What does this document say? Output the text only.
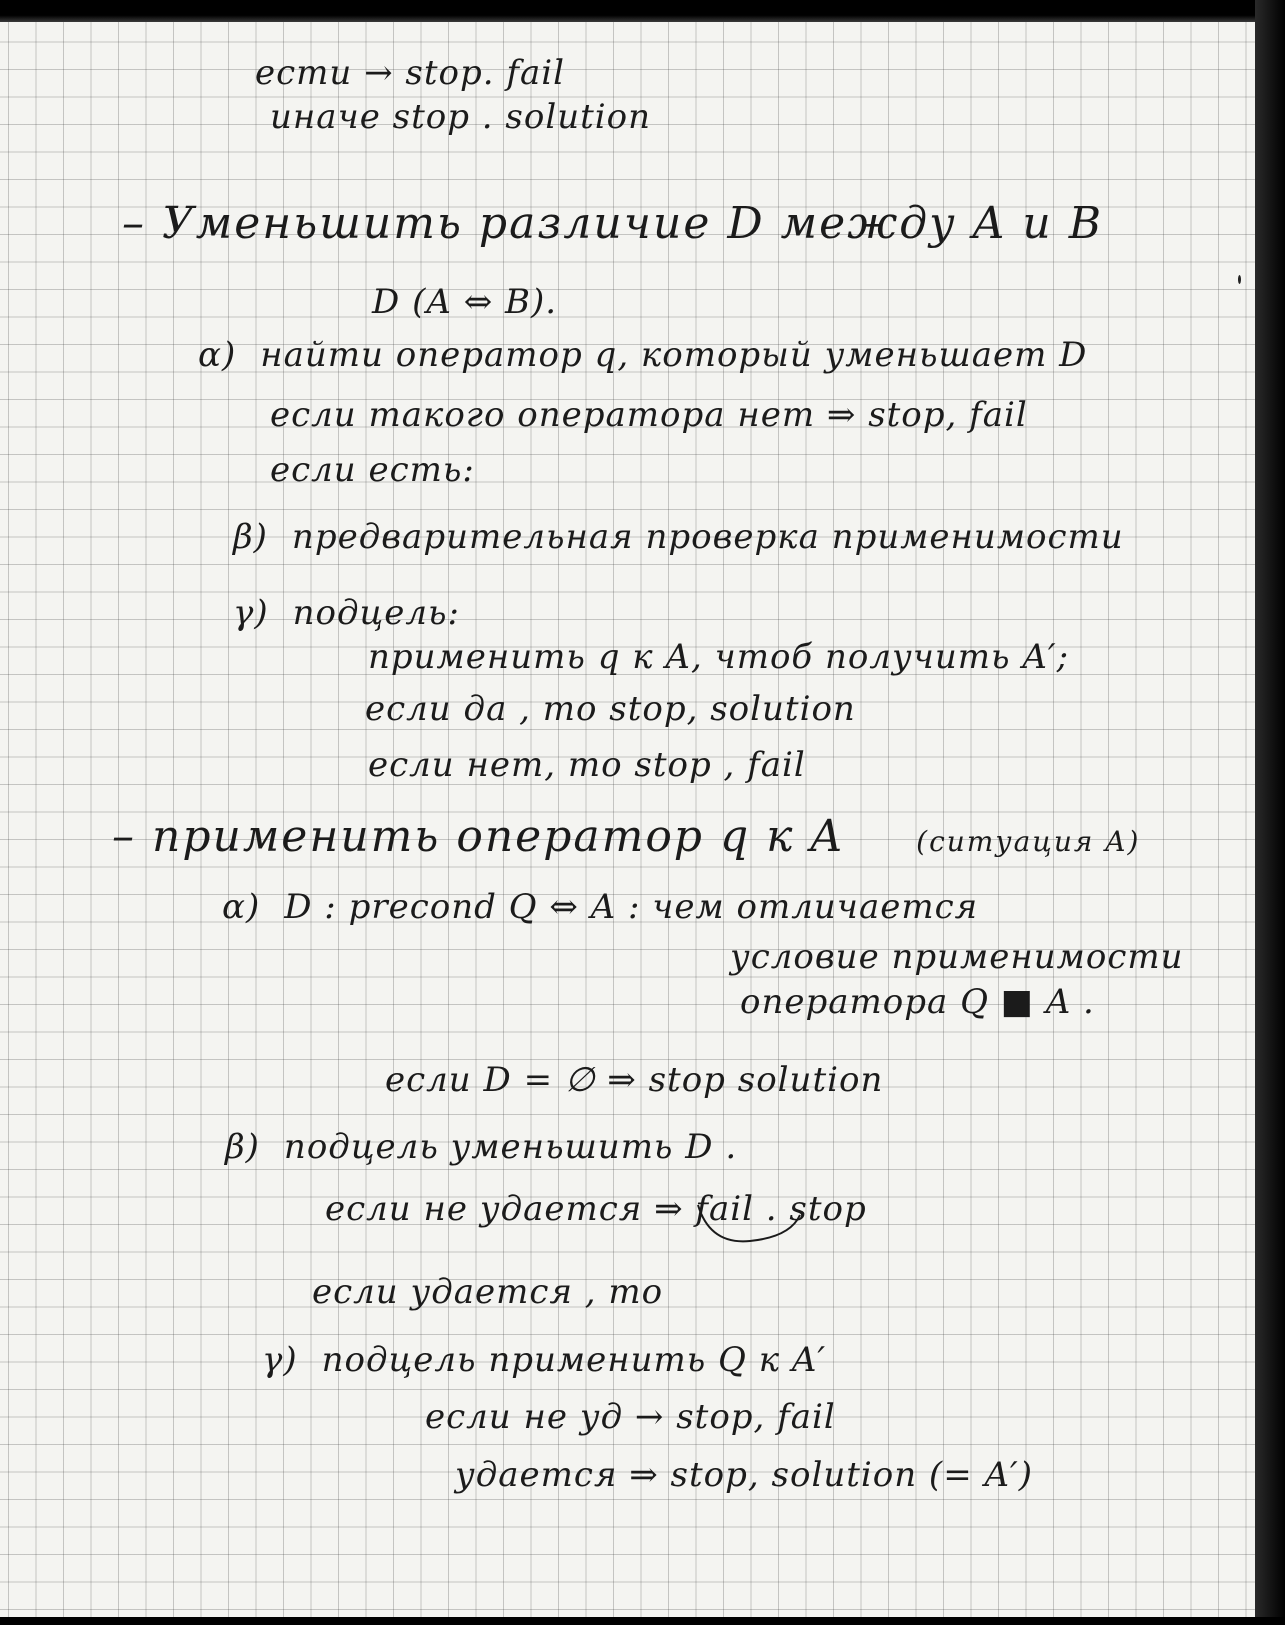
ести → stop. fail
иначе stop . solution
– Уменьшить различие D между A и B
D (A ⇔ B).
α) найти оператор q, который уменьшает D
если такого оператора нет ⇒ stop, fail
если есть:
β) предварительная проверка применимости
γ) подцель:
применить q к A, чтоб получить A′;
если да , то stop, solution
если нет, то stop , fail
– применить оператор q к A	(ситуация A)
α) D : precond Q ⇔ A : чем отличается
условие применимости
оператора Q ■ A .
если D = ∅ ⇒ stop solution
β) подцель уменьшить D .
если не удается ⇒ fail . stop
если удается , то
γ) подцель применить Q к A′
если не уд → stop, fail
удается ⇒ stop, solution (= A′)
